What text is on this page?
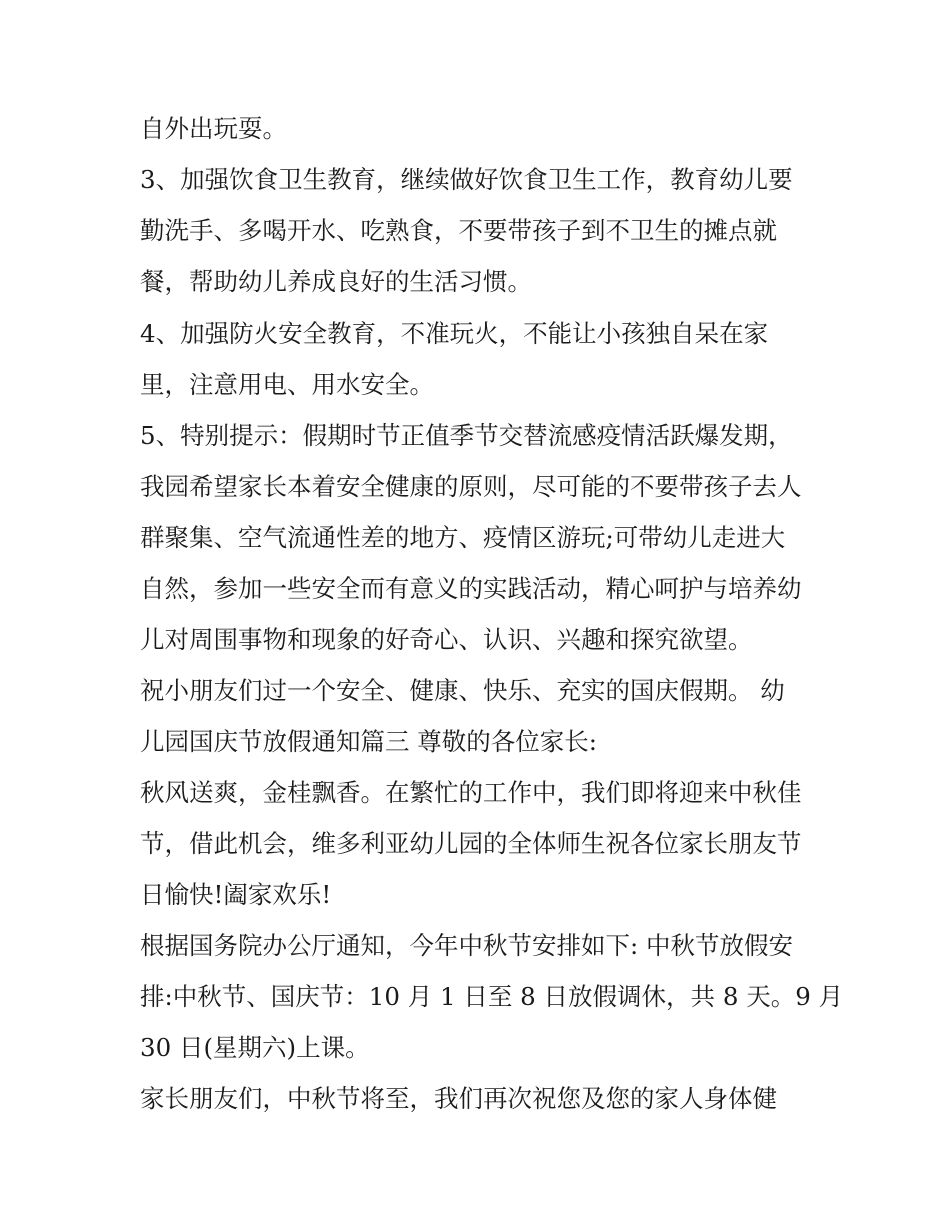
自外出玩耍。
3、加强饮食卫生教育，继续做好饮食卫生工作，教育幼儿要
勤洗手、多喝开水、吃熟食，不要带孩子到不卫生的摊点就
餐，帮助幼儿养成良好的生活习惯。
4、加强防火安全教育，不准玩火，不能让小孩独自呆在家
里，注意用电、用水安全。
5、特别提示：假期时节正值季节交替流感疫情活跃爆发期，
我园希望家长本着安全健康的原则，尽可能的不要带孩子去人
群聚集、空气流通性差的地方、疫情区游玩;可带幼儿走进大
自然，参加一些安全而有意义的实践活动，精心呵护与培养幼
儿对周围事物和现象的好奇心、认识、兴趣和探究欲望。
祝小朋友们过一个安全、健康、快乐、充实的国庆假期。 幼
儿园国庆节放假通知篇三 尊敬的各位家长:
秋风送爽，金桂飘香。在繁忙的工作中，我们即将迎来中秋佳
节，借此机会，维多利亚幼儿园的全体师生祝各位家长朋友节
日愉快!阖家欢乐!
根据国务院办公厅通知，今年中秋节安排如下: 中秋节放假安
排:中秋节、国庆节：10 月 1 日至 8 日放假调休，共 8 天。9 月
30 日(星期六)上课。
家长朋友们，中秋节将至，我们再次祝您及您的家人身体健
